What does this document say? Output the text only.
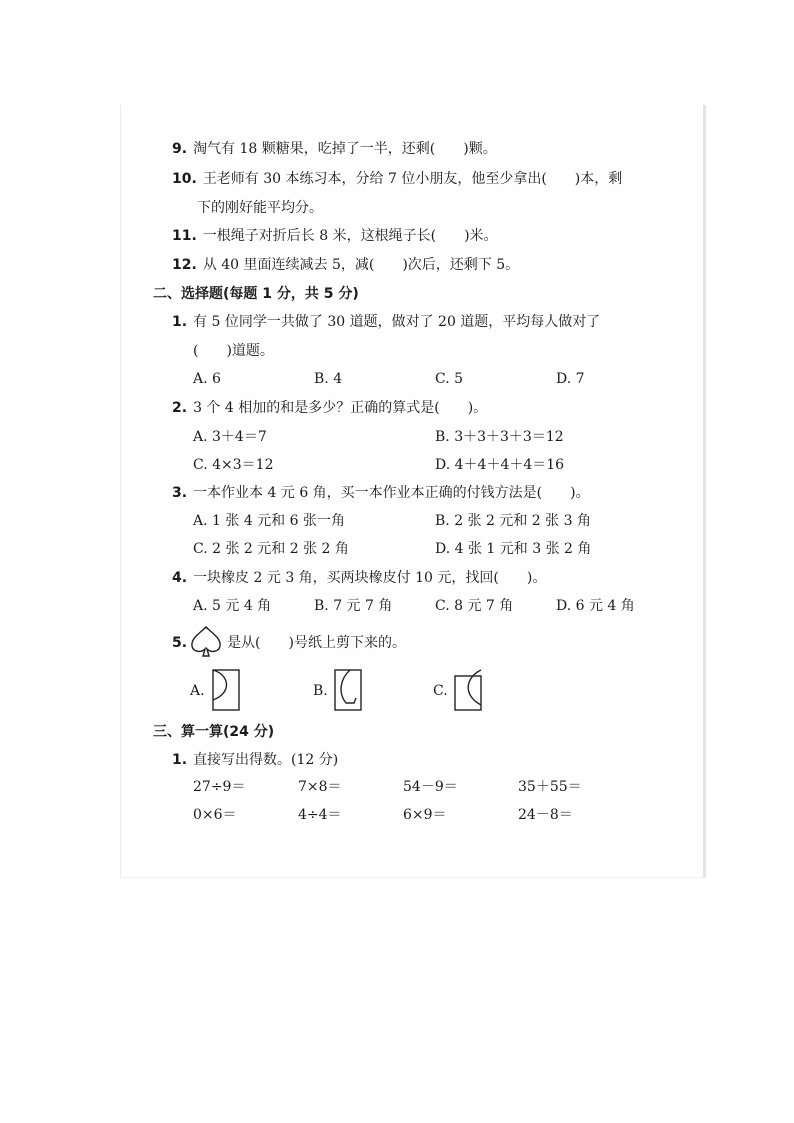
9. 淘气有 18 颗糖果，吃掉了一半，还剩(　　)颗。
10. 王老师有 30 本练习本，分给 7 位小朋友，他至少拿出(　　)本，剩
下的刚好能平均分。
11. 一根绳子对折后长 8 米，这根绳子长(　　)米。
12. 从 40 里面连续减去 5，减(　　)次后，还剩下 5。
二、选择题(每题 1 分，共 5 分)
1. 有 5 位同学一共做了 30 道题，做对了 20 道题，平均每人做对了
(　　)道题。
A. 6	B. 4	C. 5	D. 7
2. 3 个 4 相加的和是多少？正确的算式是(　　)。
A. 3＋4＝7	B. 3＋3＋3＋3＝12
C. 4×3＝12	D. 4＋4＋4＋4＝16
3. 一本作业本 4 元 6 角，买一本作业本正确的付钱方法是(　　)。
A. 1 张 4 元和 6 张一角	B. 2 张 2 元和 2 张 3 角
C. 2 张 2 元和 2 张 2 角	D. 4 张 1 元和 3 张 2 角
4. 一块橡皮 2 元 3 角，买两块橡皮付 10 元，找回(　　)。
A. 5 元 4 角	B. 7 元 7 角	C. 8 元 7 角	D. 6 元 4 角
5.	是从(　　)号纸上剪下来的。
A.	B.	C.
三、算一算(24 分)
1. 直接写出得数。(12 分)
27÷9＝	7×8＝	54－9＝	35＋55＝
0×6＝	4÷4＝	6×9＝	24－8＝
